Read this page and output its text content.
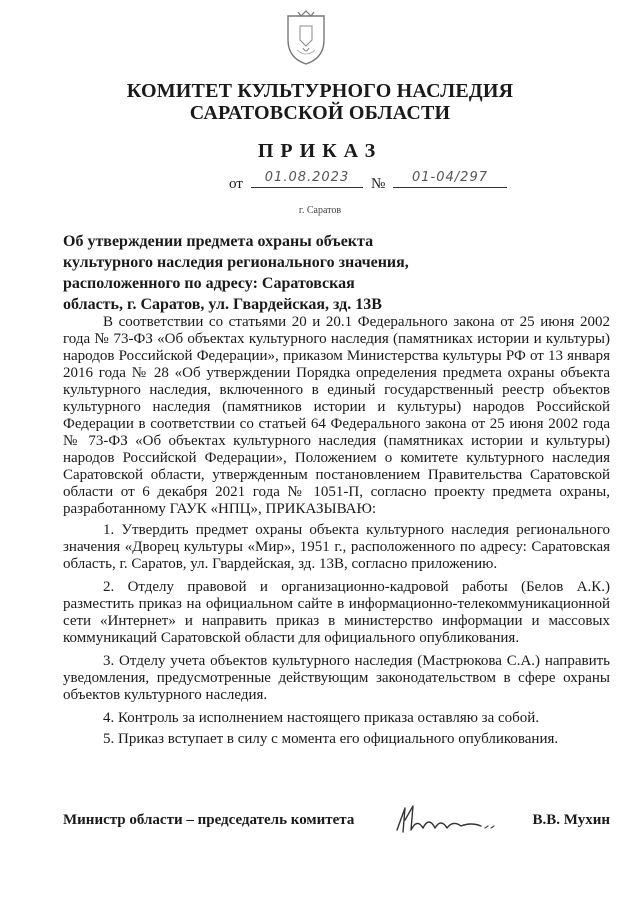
КОМИТЕТ КУЛЬТУРНОГО НАСЛЕДИЯ
САРАТОВСКОЙ ОБЛАСТИ
ПРИКАЗ
от	01.08.2023	№	01-04/297
г. Саратов
Об утверждении предмета охраны объекта
культурного наследия регионального значения,
расположенного по адресу: Саратовская
область, г. Саратов, ул. Гвардейская, зд. 13В

В соответствии со статьями 20 и 20.1 Федерального закона от 25 июня 2002 года № 73-ФЗ «Об объектах культурного наследия (памятниках истории и культуры) народов Российской Федерации», приказом Министерства культуры РФ от 13 января 2016 года № 28 «Об утверждении Порядка определения предмета охраны объекта культурного наследия, включенного в единый государственный реестр объектов культурного наследия (памятников истории и культуры) народов Российской Федерации в соответствии со статьей 64 Федерального закона от 25 июня 2002 года № 73-ФЗ «Об объектах культурного наследия (памятниках истории и культуры) народов Российской Федерации», Положением о комитете культурного наследия Саратовской области, утвержденным постановлением Правительства Саратовской области от 6 декабря 2021 года № 1051-П, согласно проекту предмета охраны, разработанному ГАУК «НПЦ», ПРИКАЗЫВАЮ:

1. Утвердить предмет охраны объекта культурного наследия регионального значения «Дворец культуры «Мир», 1951 г., расположенного по адресу: Саратовская область, г. Саратов, ул. Гвардейская, зд. 13В, согласно приложению.
2. Отделу правовой и организационно-кадровой работы (Белов А.К.) разместить приказ на официальном сайте в информационно-телекоммуникационной сети «Интернет» и направить приказ в министерство информации и массовых коммуникаций Саратовской области для официального опубликования.
3. Отделу учета объектов культурного наследия (Мастрюкова С.А.) направить уведомления, предусмотренные действующим законодательством в сфере охраны объектов культурного наследия.
4. Контроль за исполнением настоящего приказа оставляю за собой.
5. Приказ вступает в силу с момента его официального опубликования.
Министр области – председатель комитета	В.В. Мухин
